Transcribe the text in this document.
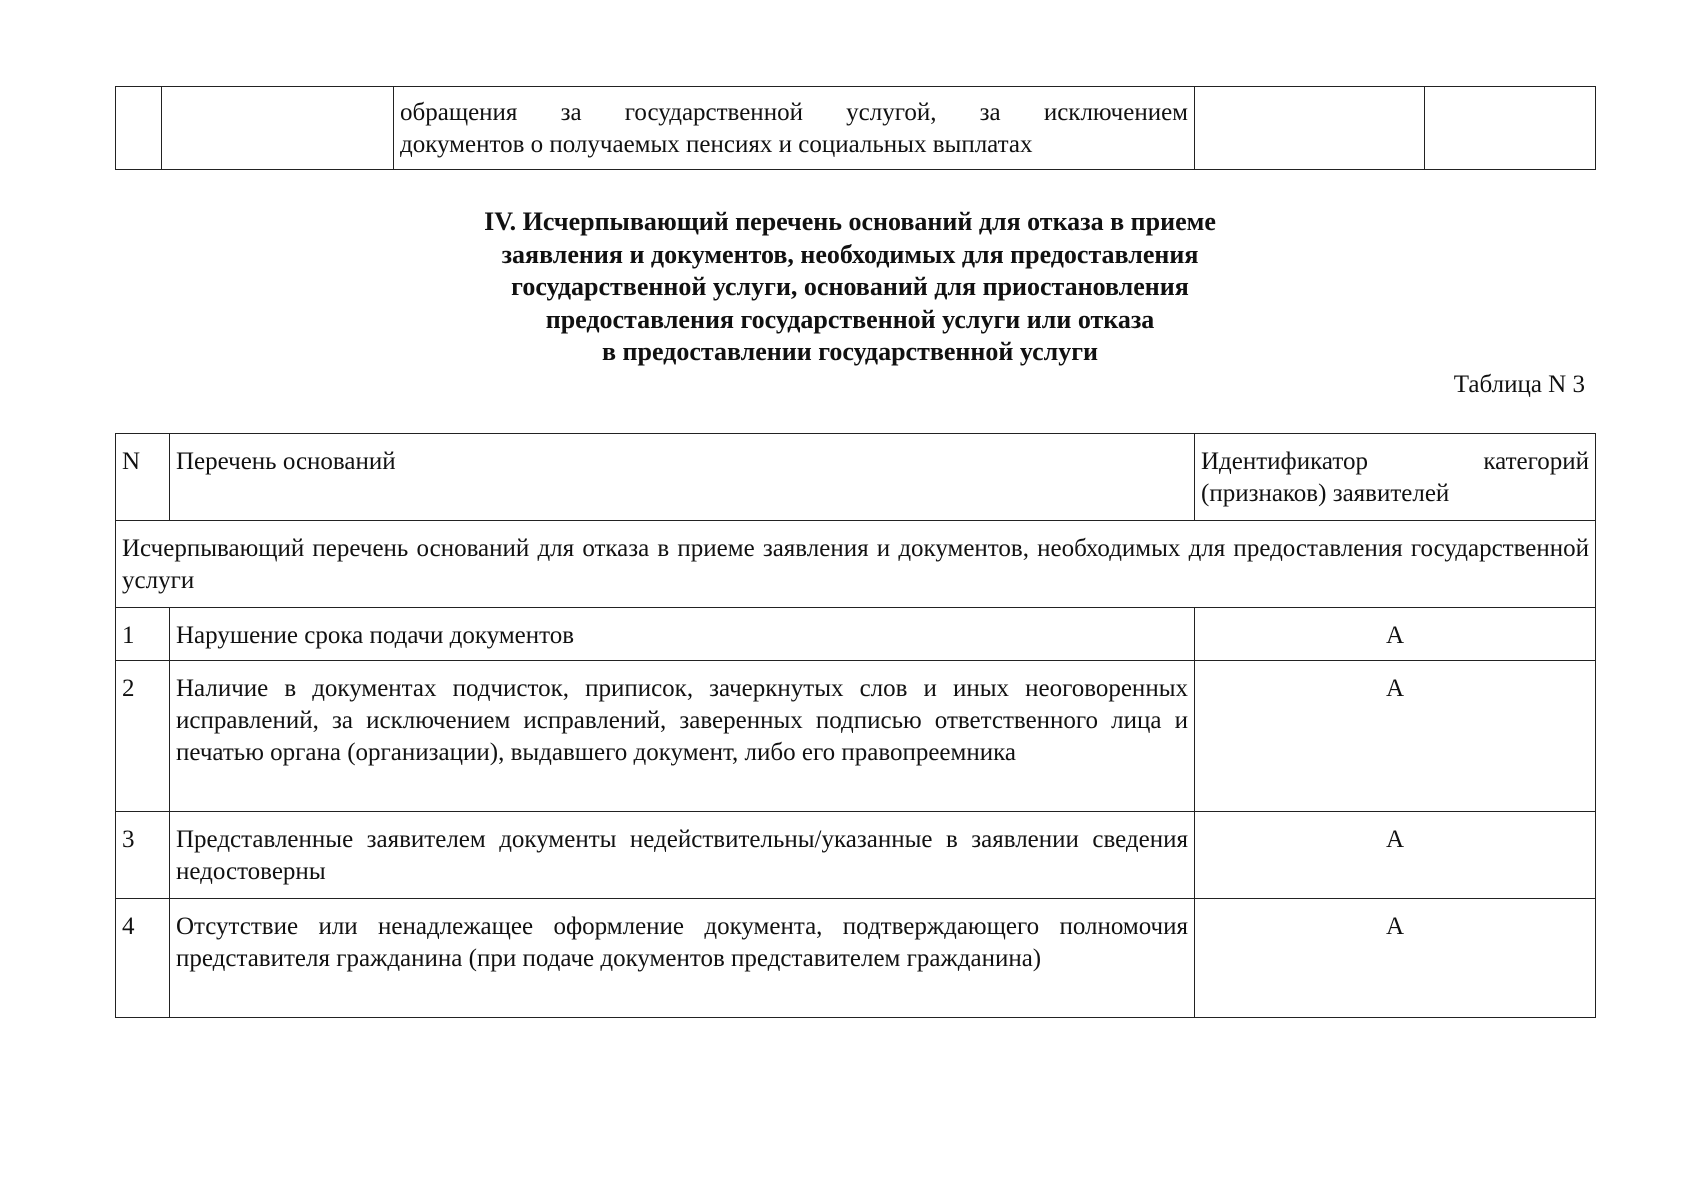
обращения за государственной услугой, за исключением
документов о получаемых пенсиях и социальных выплатах

IV. Исчерпывающий перечень оснований для отказа в приеме
заявления и документов, необходимых для предоставления
государственной услуги, оснований для приостановления
предоставления государственной услуги или отказа
в предоставлении государственной услуги
Таблица N 3
N	Перечень оснований	Идентификатор категорий (признаков) заявителей
Исчерпывающий перечень оснований для отказа в приеме заявления и документов, необходимых для предоставления государственной услуги		
1	Нарушение срока подачи документов	А
2	Наличие в документах подчисток, приписок, зачеркнутых слов и иных неоговоренных исправлений, за исключением исправлений, заверенных подписью ответственного лица и печатью органа (организации), выдавшего документ, либо его правопреемника	А
3	Представленные заявителем документы недействительны/указанные в заявлении сведения недостоверны	А
4	Отсутствие или ненадлежащее оформление документа, подтверждающего полномочия представителя гражданина (при подаче документов представителем гражданина)	А
